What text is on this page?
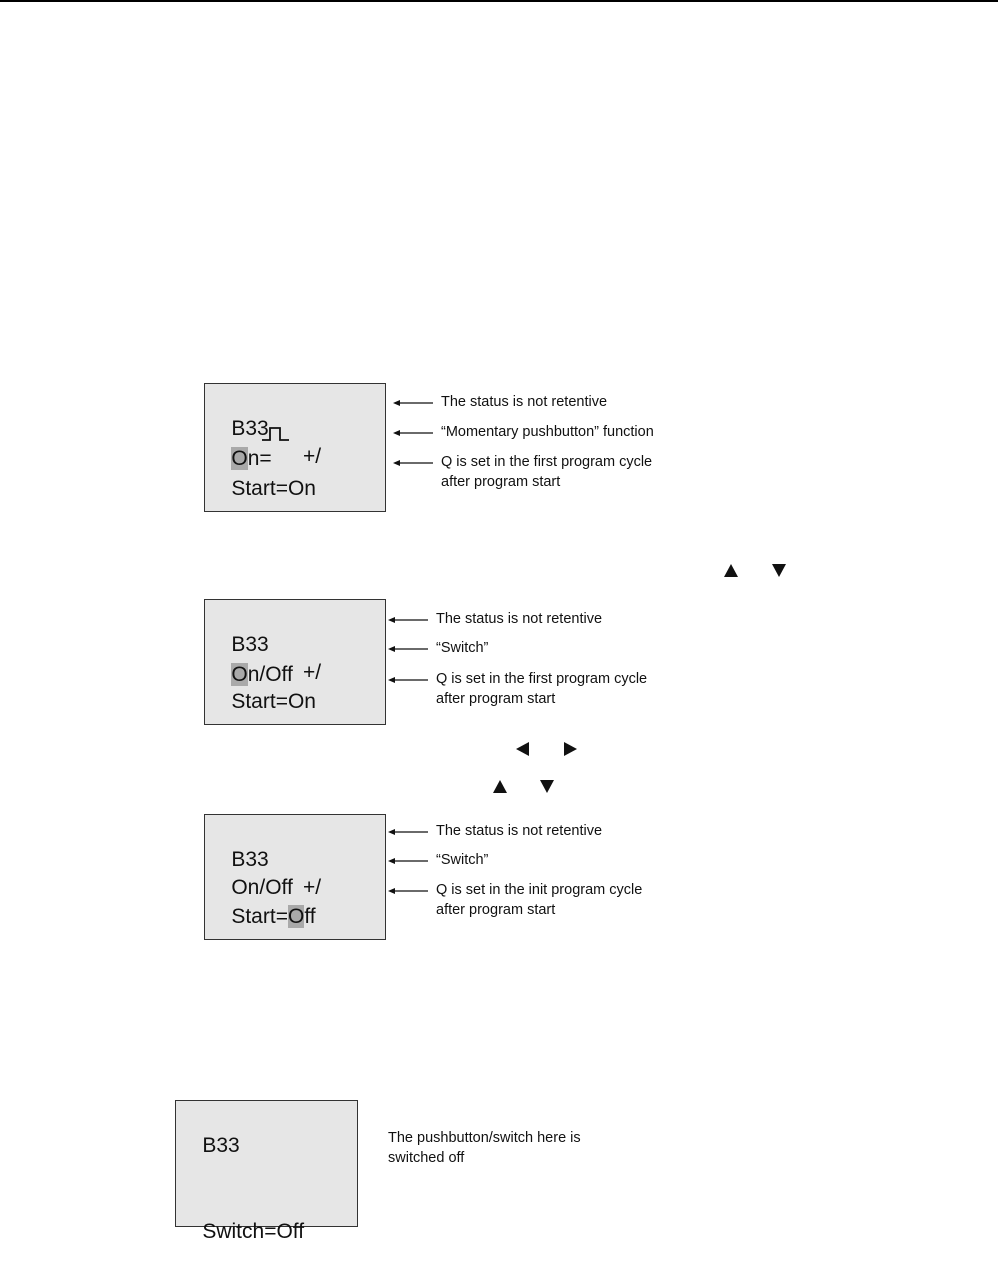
B33

+/

On=

Start=On

The status is not retentive
“Momentary pushbutton” function
Q is set in the first program cycle
after program start

B33

+/

On/Off

Start=On

The status is not retentive
“Switch”
Q is set in the first program cycle
after program start

B33

+/

On/Off

Start=Off

The status is not retentive
“Switch”
Q is set in the init program cycle
after program start

B33

Switch=Off

The pushbutton/switch here is
switched off
